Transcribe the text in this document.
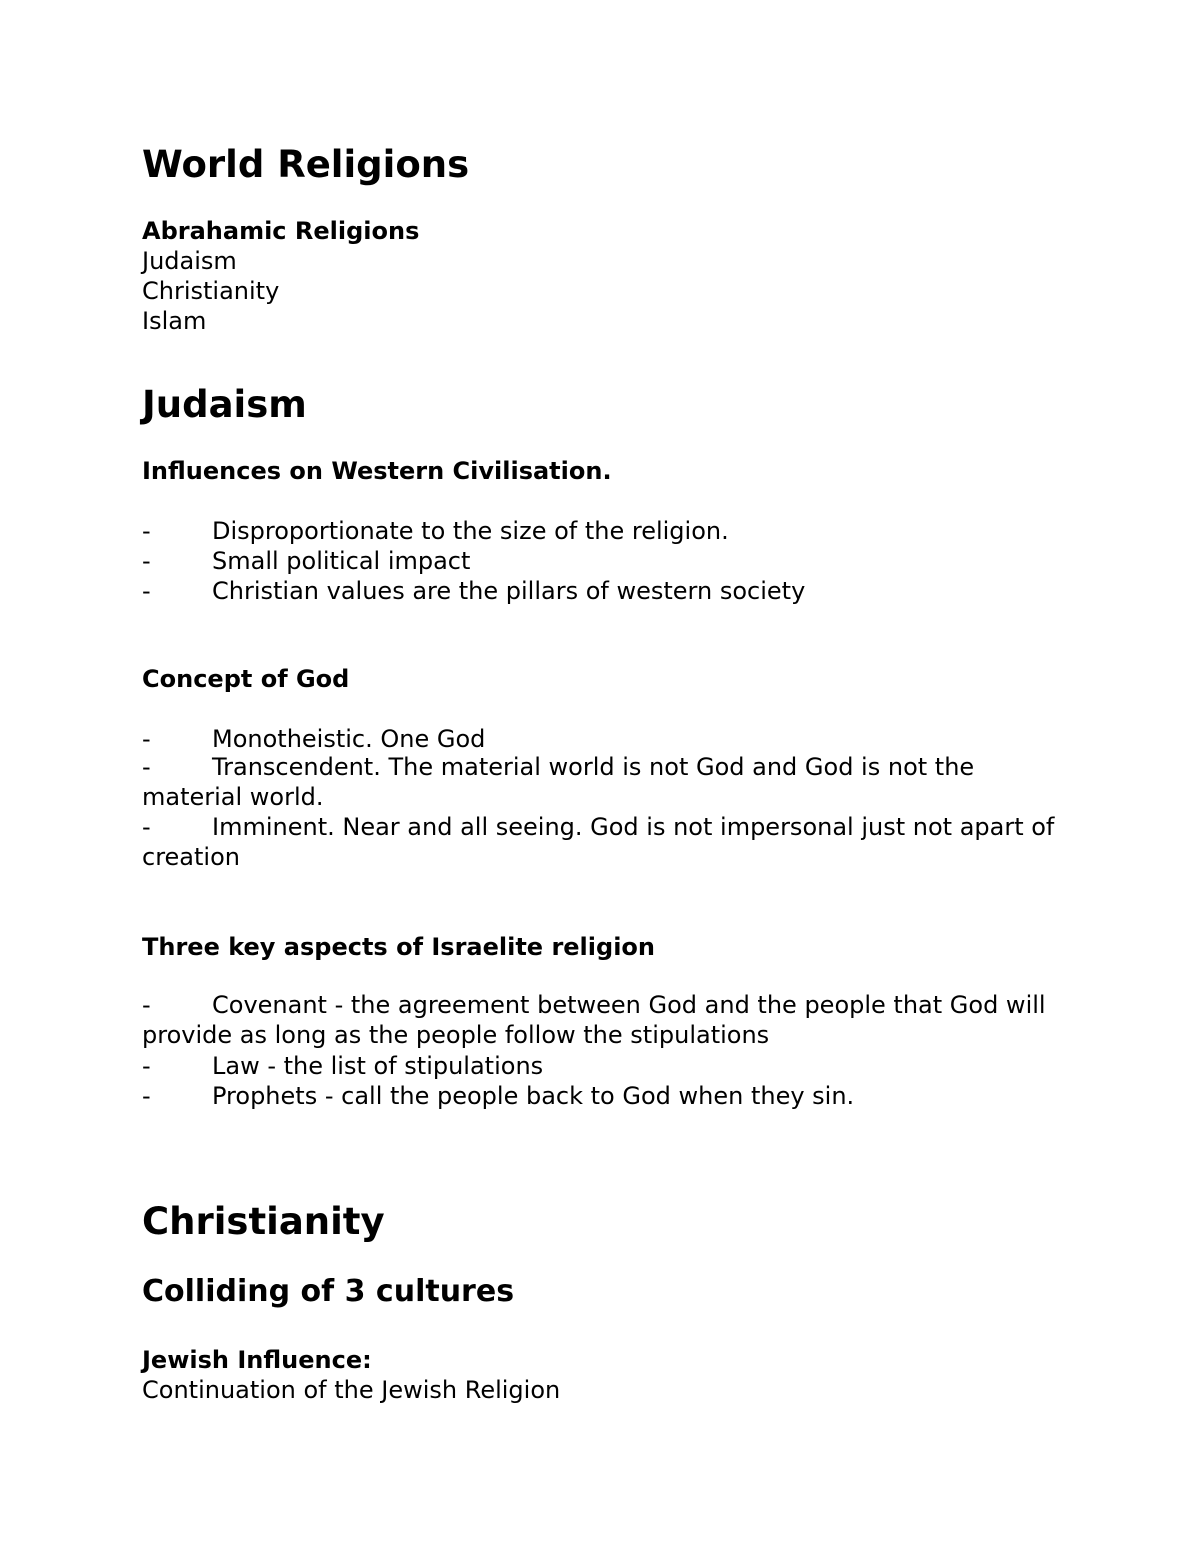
World Religions
Abrahamic Religions
Judaism
Christianity
Islam
Judaism
Influences on Western Civilisation.
-	Disproportionate to the size of the religion.
-	Small political impact
-	Christian values are the pillars of western society
Concept of God
-	Monotheistic. One God
-	Transcendent. The material world is not God and God is not the material world.
-	Imminent. Near and all seeing. God is not impersonal just not apart of creation
Three key aspects of Israelite religion
-	Covenant - the agreement between God and the people that God will provide as long as the people follow the stipulations
-	Law - the list of stipulations
-	Prophets - call the people back to God when they sin.
Christianity
Colliding of 3 cultures
Jewish Influence:
Continuation of the Jewish Religion
